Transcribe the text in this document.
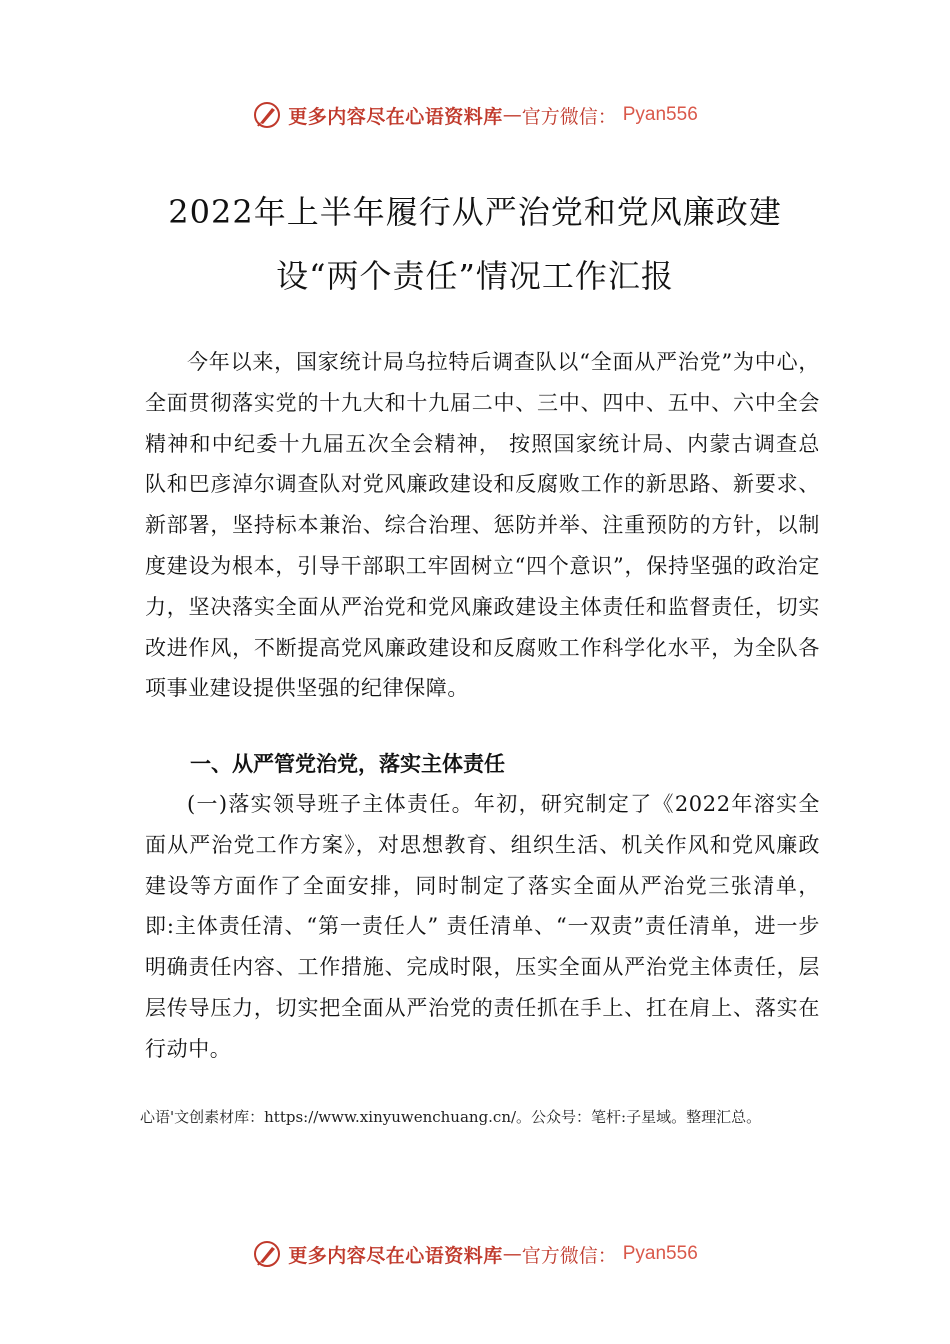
更多内容尽在心语资料库 — 官方微信： Pyan556
2022年上半年履行从严治党和党风廉政建
设“两个责任”情况工作汇报
今年以来，国家统计局乌拉特后调查队以“全面从严治党”为中心，全面贯彻落实党的十九大和十九届二中、三中、四中、五中、六中全会精神和中纪委十九届五次全会精神， 按照国家统计局、内蒙古调查总队和巴彦淖尔调查队对党风廉政建设和反腐败工作的新思路、新要求、新部署，坚持标本兼治、综合治理、惩防并举、注重预防的方针，以制度建设为根本，引导干部职工牢固树立“四个意识”，保持坚强的政治定力，坚决落实全面从严治党和党风廉政建设主体责任和监督责任，切实改进作风，不断提高党风廉政建设和反腐败工作科学化水平，为全队各项事业建设提供坚强的纪律保障。
一、从严管党治党，落实主体责任
(一)落实领导班子主体责任。年初，研究制定了《2022年溶实全面从严治党工作方案》，对思想教育、组织生活、机关作风和党风廉政建设等方面作了全面安排，同时制定了落实全面从严治党三张清单，即:主体责任清、“第一责任人” 责任清单、“一双责”责任清单，进一步明确责任内容、工作措施、完成时限，压实全面从严治党主体责任，层层传导压力，切实把全面从严治党的责任抓在手上、扛在肩上、落实在行动中。
心语'文创素材库：https://www.xinyuwenchuang.cn/。公众号：笔杆:子星域。整理汇总。
更多内容尽在心语资料库 — 官方微信： Pyan556
